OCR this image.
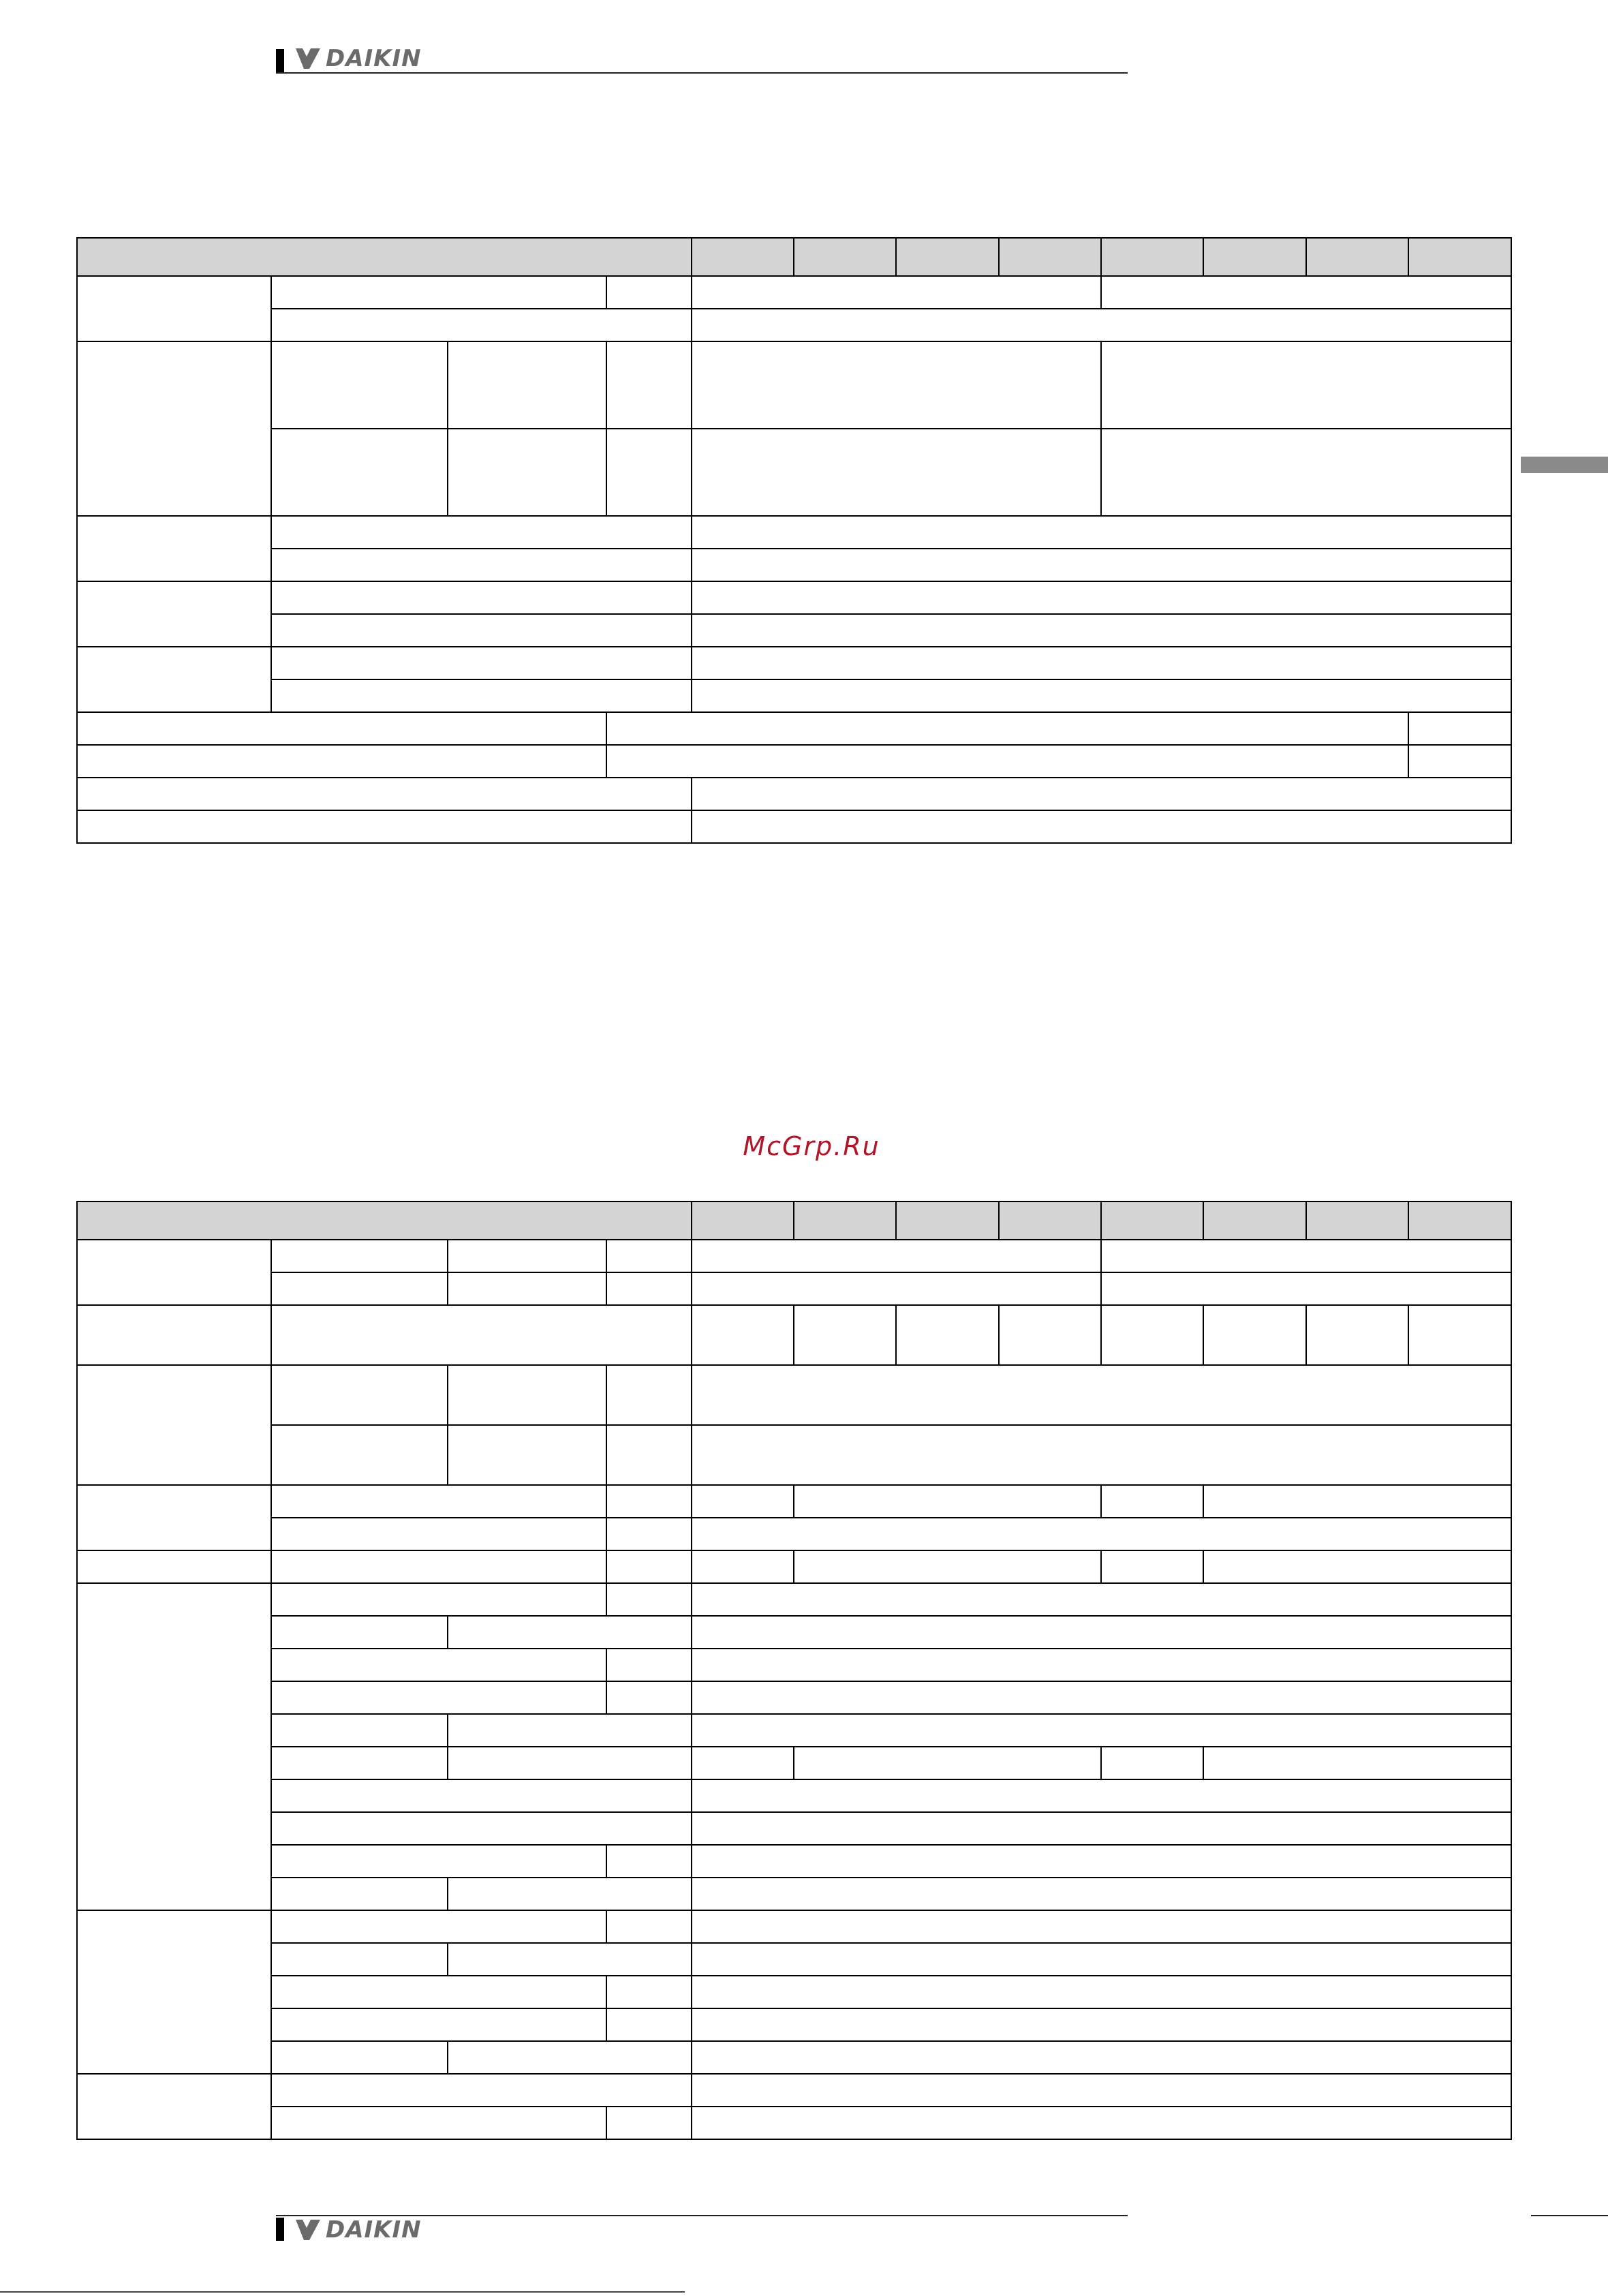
DAIKIN

McGrp.Ru

DAIKIN
